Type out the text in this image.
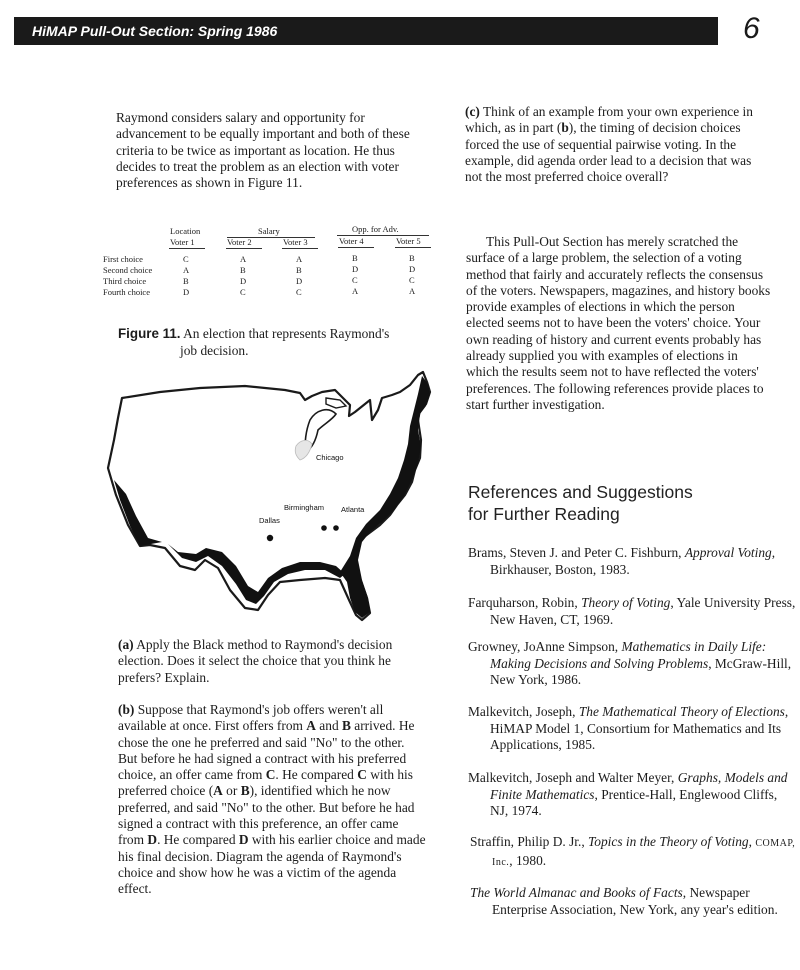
HiMAP Pull-Out Section: Spring 1986	6

Raymond considers salary and opportunity for advancement to be equally important and both of these criteria to be twice as important as location. He thus decides to treat the problem as an election with voter preferences as shown in Figure 11.

Location	Salary	Opp. for Adv.
Voter 1	Voter 2	Voter 3	Voter 4	Voter 5
First choice	C	A	A	B	B
Second choice	A	B	B	D	D
Third choice	B	D	D	C	C
Fourth choice	D	C	C	A	A
Figure 11. An election that represents Raymond's
job decision.
Chicago
Birmingham Atlanta
Dallas

(a) Apply the Black method to Raymond's decision election. Does it select the choice that you think he prefers? Explain.

(b) Suppose that Raymond's job offers weren't all available at once. First offers from A and B arrived. He chose the one he preferred and said "No" to the other. But before he had signed a contract with his preferred choice, an offer came from C. He compared C with his preferred choice (A or B), identified which he now preferred, and said "No" to the other. But before he had signed a contract with this preference, an offer came from D. He compared D with his earlier choice and made his final decision. Diagram the agenda of Raymond's choice and show how he was a victim of the agenda effect.

(c) Think of an example from your own experience in which, as in part (b), the timing of decision choices forced the use of sequential pairwise voting. In the example, did agenda order lead to a decision that was not the most preferred choice overall?

This Pull-Out Section has merely scratched the surface of a large problem, the selection of a voting method that fairly and accurately reflects the consensus of the voters. Newspapers, magazines, and history books provide examples of elections in which the person elected seems not to have been the voters' choice. Your own reading of history and current events probably has already supplied you with examples of elections in which the results seem not to have reflected the voters' preferences. The following references provide places to start further investigation.

References and Suggestions
for Further Reading
Brams, Steven J. and Peter C. Fishburn, Approval Voting, Birkhauser, Boston, 1983.
Farquharson, Robin, Theory of Voting, Yale University Press, New Haven, CT, 1969.
Growney, JoAnne Simpson, Mathematics in Daily Life: Making Decisions and Solving Problems, McGraw-Hill, New York, 1986.
Malkevitch, Joseph, The Mathematical Theory of Elections, HiMAP Model 1, Consortium for Mathematics and Its Applications, 1985.
Malkevitch, Joseph and Walter Meyer, Graphs, Models and Finite Mathematics, Prentice-Hall, Englewood Cliffs, NJ, 1974.
Straffin, Philip D. Jr., Topics in the Theory of Voting, COMAP, Inc., 1980.
The World Almanac and Books of Facts, Newspaper Enterprise Association, New York, any year's edition.
